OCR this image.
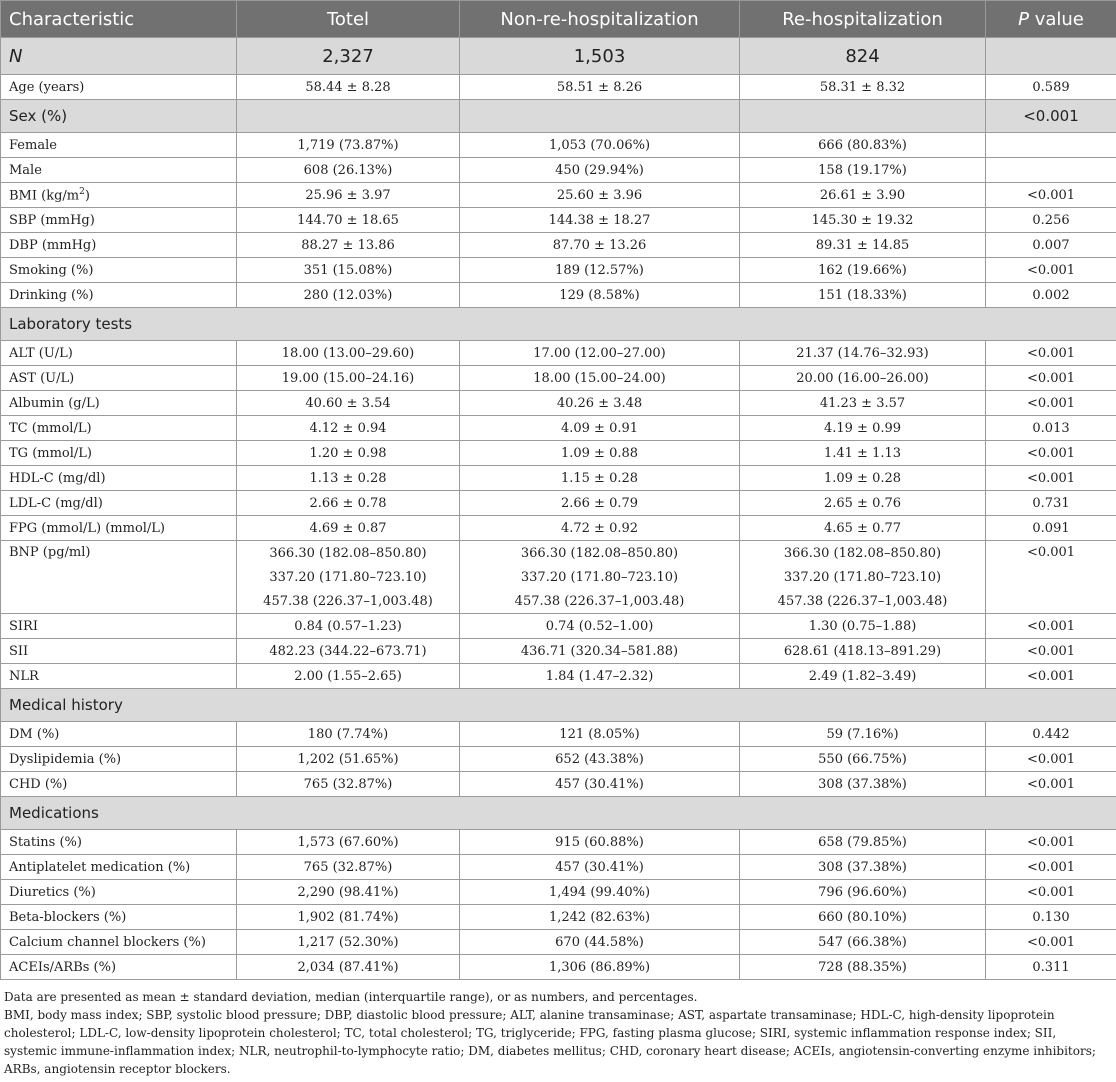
Characteristic	Totel	Non-re-hospitalization	Re-hospitalization	P value
N	2,327	1,503	824	
Age (years)	58.44 ± 8.28	58.51 ± 8.26	58.31 ± 8.32	0.589
Sex (%)				<0.001
Female	1,719 (73.87%)	1,053 (70.06%)	666 (80.83%)	
Male	608 (26.13%)	450 (29.94%)	158 (19.17%)	
BMI $(kg/m^2)$	25.96 ± 3.97	25.60 ± 3.96	26.61 ± 3.90	<0.001
SBP (mmHg)	144.70 ± 18.65	144.38 ± 18.27	145.30 ± 19.32	0.256
DBP (mmHg)	88.27 ± 13.86	87.70 ± 13.26	89.31 ± 14.85	0.007
Smoking (%)	351 (15.08%)	189 (12.57%)	162 (19.66%)	<0.001
Drinking (%)	280 (12.03%)	129 (8.58%)	151 (18.33%)	0.002
Laboratory tests				
ALT (U/L)	18.00 (13.00–29.60)	17.00 (12.00–27.00)	21.37 (14.76–32.93)	<0.001
AST (U/L)	19.00 (15.00–24.16)	18.00 (15.00–24.00)	20.00 (16.00–26.00)	<0.001
Albumin (g/L)	40.60 ± 3.54	40.26 ± 3.48	41.23 ± 3.57	<0.001
TC (mmol/L)	4.12 ± 0.94	4.09 ± 0.91	4.19 ± 0.99	0.013
TG (mmol/L)	1.20 ± 0.98	1.09 ± 0.88	1.41 ± 1.13	<0.001
HDL-C (mg/dl)	1.13 ± 0.28	1.15 ± 0.28	1.09 ± 0.28	<0.001
LDL-C (mg/dl)	2.66 ± 0.78	2.66 ± 0.79	2.65 ± 0.76	0.731
FPG (mmol/L) (mmol/L)	4.69 ± 0.87	4.72 ± 0.92	4.65 ± 0.77	0.091
BNP (pg/ml)	366.30 (182.08–850.80)	366.30 (182.08–850.80)	366.30 (182.08–850.80)	<0.001
	337.20 (171.80–723.10)	337.20 (171.80–723.10)	337.20 (171.80–723.10)	
	457.38 (226.37–1,003.48)	457.38 (226.37–1,003.48)	457.38 (226.37–1,003.48)	
SIRI	0.84 (0.57–1.23)	0.74 (0.52–1.00)	1.30 (0.75–1.88)	<0.001
SII	482.23 (344.22–673.71)	436.71 (320.34–581.88)	628.61 (418.13–891.29)	<0.001
NLR	2.00 (1.55–2.65)	1.84 (1.47–2.32)	2.49 (1.82–3.49)	<0.001
Medical history				
DM (%)	180 (7.74%)	121 (8.05%)	59 (7.16%)	0.442
Dyslipidemia (%)	1,202 (51.65%)	652 (43.38%)	550 (66.75%)	<0.001
CHD (%)	765 (32.87%)	457 (30.41%)	308 (37.38%)	<0.001
Medications				
Statins (%)	1,573 (67.60%)	915 (60.88%)	658 (79.85%)	<0.001
Antiplatelet medication (%)	765 (32.87%)	457 (30.41%)	308 (37.38%)	<0.001
Diuretics (%)	2,290 (98.41%)	1,494 (99.40%)	796 (96.60%)	<0.001
Beta-blockers (%)	1,902 (81.74%)	1,242 (82.63%)	660 (80.10%)	0.130
Calcium channel blockers (%)	1,217 (52.30%)	670 (44.58%)	547 (66.38%)	<0.001
ACEIs/ARBs (%)	2,034 (87.41%)	1,306 (86.89%)	728 (88.35%)	0.311

Data are presented as mean ± standard deviation, median (interquartile range), or as numbers, and percentages.

BMI, body mass index; SBP, systolic blood pressure; DBP, diastolic blood pressure; ALT, alanine transaminase; AST, aspartate transaminase; HDL-C, high-density lipoprotein cholesterol; LDL-C, low-density lipoprotein cholesterol; TC, total cholesterol; TG, triglyceride; FPG, fasting plasma glucose; SIRI, systemic inflammation response index; SII, systemic immune-inflammation index; NLR, neutrophil-to-lymphocyte ratio; DM, diabetes mellitus; CHD, coronary heart disease; ACEIs, angiotensin-converting enzyme inhibitors; ARBs, angiotensin receptor blockers.
